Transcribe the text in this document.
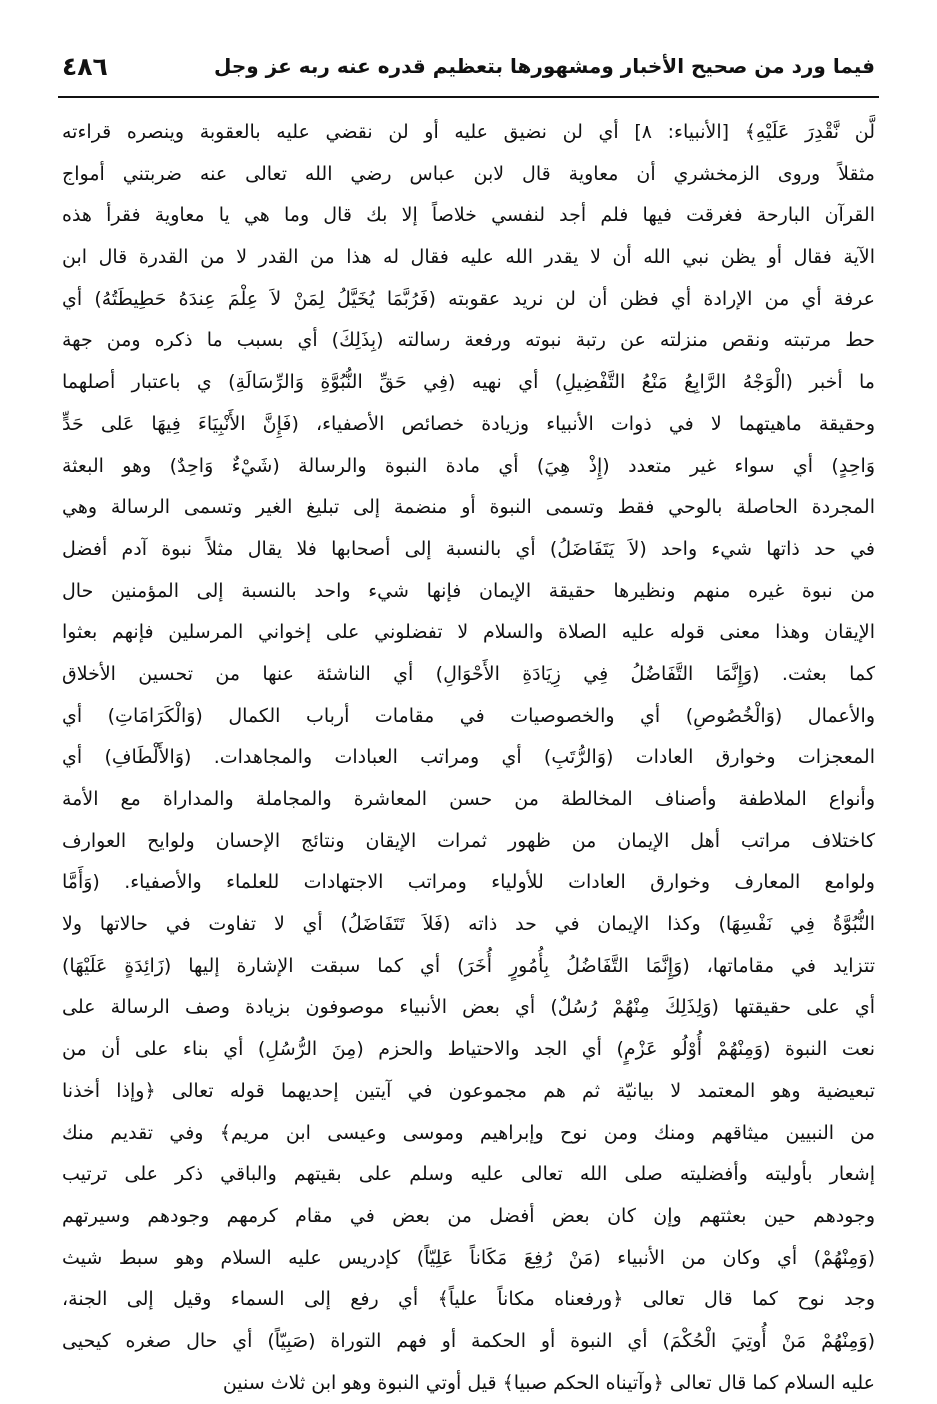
فيما ورد من صحيح الأخبار ومشهورها بتعظيم قدره عنه ربه عز وجل
٤٨٦
لَّن نَّقْدِرَ عَلَيْهِ﴾ [الأنبياء: ٨] أي لن نضيق عليه أو لن نقضي عليه بالعقوبة وينصره قراءته
مثقلاً وروى الزمخشري أن معاوية قال لابن عباس رضي الله تعالى عنه ضربتني أمواج
القرآن البارحة فغرقت فيها فلم أجد لنفسي خلاصاً إلا بك قال وما هي يا معاوية فقرأ هذه
الآية فقال أو يظن نبي الله أن لا يقدر الله عليه فقال له هذا من القدر لا من القدرة قال ابن
عرفة أي من الإرادة أي فظن أن لن نريد عقوبته (فَرُبَّمَا يُخَيَّلُ لِمَنْ لاَ عِلْمَ عِندَهُ حَطِيطَتُهُ) أي
حط مرتبته ونقص منزلته عن رتبة نبوته ورفعة رسالته (بِذَلِكَ) أي بسبب ما ذكره ومن جهة
ما أخبر (الْوَجْهُ الرَّابِعُ مَنْعُ التَّفْضِيلِ) أي نهيه (فِي حَقِّ النُّبُوَّةِ وَالرِّسَالَةِ) ي باعتبار أصلهما
وحقيقة ماهيتهما لا في ذوات الأنبياء وزيادة خصائص الأصفياء، (فَإِنَّ الأَنْبِيَاءَ فِيهَا عَلى حَدٍّ
وَاحِدٍ) أي سواء غير متعدد (إِذْ هِيَ) أي مادة النبوة والرسالة (شَيْءٌ وَاحِدٌ) وهو البعثة
المجردة الحاصلة بالوحي فقط وتسمى النبوة أو منضمة إلى تبليغ الغير وتسمى الرسالة وهي
في حد ذاتها شيء واحد (لاَ يَتَفَاضَلُ) أي بالنسبة إلى أصحابها فلا يقال مثلاً نبوة آدم أفضل
من نبوة غيره منهم ونظيرها حقيقة الإيمان فإنها شيء واحد بالنسبة إلى المؤمنين حال
الإيقان وهذا معنى قوله عليه الصلاة والسلام لا تفضلوني على إخواني المرسلين فإنهم بعثوا
كما بعثت. (وَإِنَّمَا التَّفَاضُلُ فِي زِيَادَةِ الأَحْوَالِ) أي الناشئة عنها من تحسين الأخلاق
والأعمال (وَالْخُصُوصِ) أي والخصوصيات في مقامات أرباب الكمال (وَالْكَرَامَاتِ) أي
المعجزات وخوارق العادات (وَالرُّتَبِ) أي ومراتب العبادات والمجاهدات. (وَالأَلْطَافِ) أي
وأنواع الملاطفة وأصناف المخالطة من حسن المعاشرة والمجاملة والمداراة مع الأمة
كاختلاف مراتب أهل الإيمان من ظهور ثمرات الإيقان ونتائج الإحسان ولوايح العوارف
ولوامع المعارف وخوارق العادات للأولياء ومراتب الاجتهادات للعلماء والأصفياء. (وَأَمَّا
النُّبُوَّةُ فِي نَفْسِهَا) وكذا الإيمان في حد ذاته (فَلاَ تَتَفَاضَلُ) أي لا تفاوت في حالاتها ولا
تتزايد في مقاماتها، (وَإِنَّمَا التَّفَاضُلُ بِأُمُورٍ أُخَرَ) أي كما سبقت الإشارة إليها (زَائِدَةٍ عَلَيْهَا)
أي على حقيقتها (وَلِذَلِكَ مِنْهُمْ رُسُلٌ) أي بعض الأنبياء موصوفون بزيادة وصف الرسالة على
نعت النبوة (وَمِنْهُمْ أُوْلُو عَزْمٍ) أي الجد والاحتياط والحزم (مِنَ الرُّسُلِ) أي بناء على أن من
تبعيضية وهو المعتمد لا بيانيّة ثم هم مجموعون في آيتين إحديهما قوله تعالى ﴿وإذا أخذنا
من النبيين ميثاقهم ومنك ومن نوح وإبراهيم وموسى وعيسى ابن مريم﴾ وفي تقديم منك
إشعار بأوليته وأفضليته صلى الله تعالى عليه وسلم على بقيتهم والباقي ذكر على ترتيب
وجودهم حين بعثتهم وإن كان بعض أفضل من بعض في مقام كرمهم وجودهم وسيرتهم
(وَمِنْهُمْ) أي وكان من الأنبياء (مَنْ رُفِعَ مَكَاناً عَلِيّاً) كإدريس عليه السلام وهو سبط شيث
وجد نوح كما قال تعالى ﴿ورفعناه مكاناً علياً﴾ أي رفع إلى السماء وقيل إلى الجنة،
(وَمِنْهُمْ مَنْ أُوتِيَ الْحُكْمَ) أي النبوة أو الحكمة أو فهم التوراة (صَبِيّاً) أي حال صغره كيحيى
عليه السلام كما قال تعالى ﴿وآتيناه الحكم صبيا﴾ قيل أوتي النبوة وهو ابن ثلاث سنين
